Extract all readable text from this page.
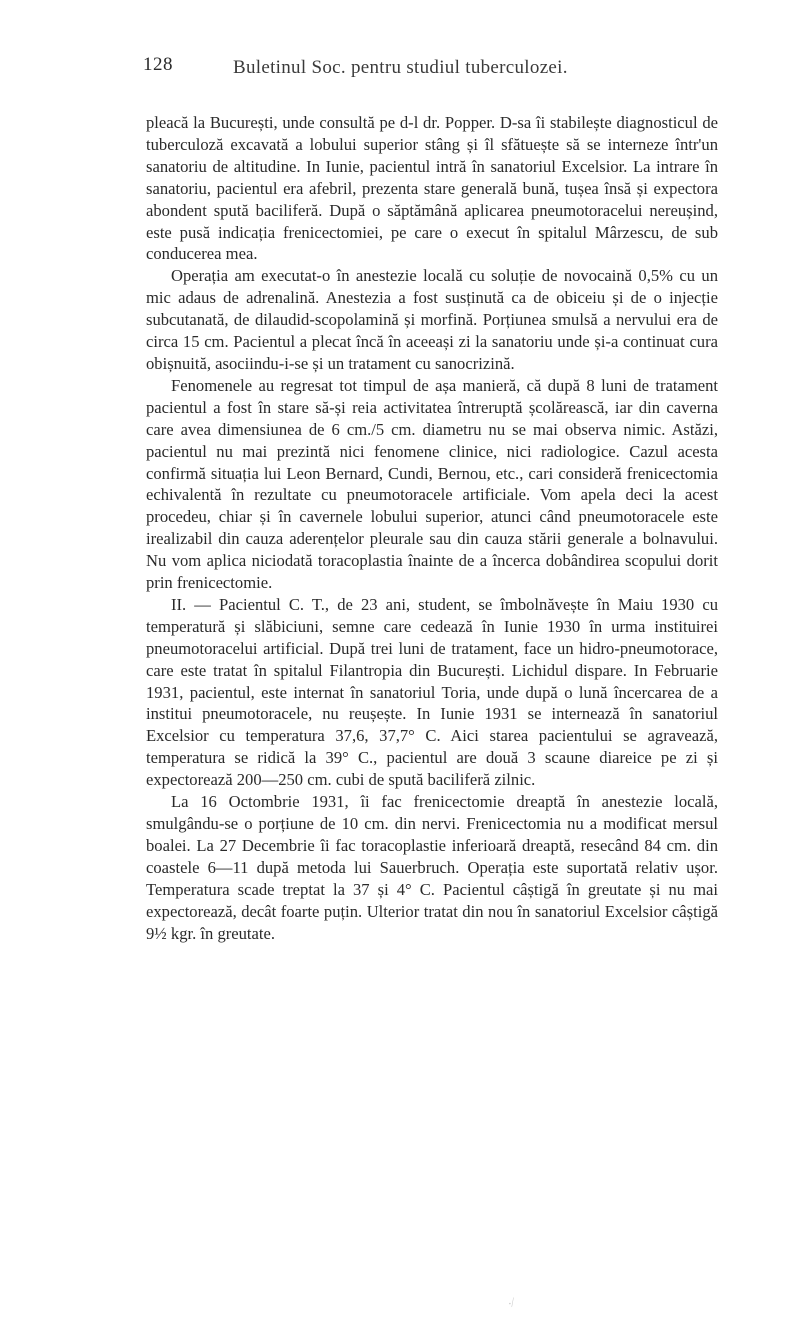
128	Buletinul Soc. pentru studiul tuberculozei.

pleacă la București, unde consultă pe d-l dr. Popper. D-sa îi stabilește diagnosticul de tuberculoză excavată a lobului superior stâng și îl sfătuește să se interneze într'un sanatoriu de altitudine. In Iunie, pacientul intră în sanatoriul Excelsior. La intrare în sanatoriu, pacientul era afebril, prezenta stare generală bună, tușea însă și expectora abondent spută baciliferă. După o săptămână aplicarea pneumotoracelui nereușind, este pusă indicația frenicectomiei, pe care o execut în spitalul Mârzescu, de sub conducerea mea.

Operația am executat-o în anestezie locală cu soluție de novocaină 0,5% cu un mic adaus de adrenalină. Anestezia a fost susținută ca de obiceiu și de o injecție subcutanată, de dilaudid-scopolamină și morfină. Porțiunea smulsă a nervului era de circa 15 cm. Pacientul a plecat încă în aceeași zi la sanatoriu unde și-a continuat cura obișnuită, asociindu-i-se și un tratament cu sanocrizină.

Fenomenele au regresat tot timpul de așa manieră, că după 8 luni de tratament pacientul a fost în stare să-și reia activitatea întreruptă școlărească, iar din caverna care avea dimensiunea de 6 cm./5 cm. diametru nu se mai observa nimic. Astăzi, pacientul nu mai prezintă nici fenomene clinice, nici radiologice. Cazul acesta confirmă situația lui Leon Bernard, Cundi, Bernou, etc., cari consideră frenicectomia echivalentă în rezultate cu pneumotoracele artificiale. Vom apela deci la acest procedeu, chiar și în cavernele lobului superior, atunci când pneumotoracele este irealizabil din cauza aderențelor pleurale sau din cauza stării generale a bolnavului. Nu vom aplica niciodată toracoplastia înainte de a încerca dobândirea scopului dorit prin frenicectomie.

II. — Pacientul C. T., de 23 ani, student, se îmbolnăvește în Maiu 1930 cu temperatură și slăbiciuni, semne care cedează în Iunie 1930 în urma instituirei pneumotoracelui artificial. După trei luni de tratament, face un hidro-pneumotorace, care este tratat în spitalul Filantropia din București. Lichidul dispare. In Februarie 1931, pacientul, este internat în sanatoriul Toria, unde după o lună încercarea de a institui pneumotoracele, nu reușește. In Iunie 1931 se internează în sanatoriul Excelsior cu temperatura 37,6, 37,7° C. Aici starea pacientului se agravează, temperatura se ridică la 39° C., pacientul are două 3 scaune diareice pe zi și expectorează 200—250 cm. cubi de spută baciliferă zilnic.

La 16 Octombrie 1931, îi fac frenicectomie dreaptă în anestezie locală, smulgându-se o porțiune de 10 cm. din nervi. Frenicectomia nu a modificat mersul boalei. La 27 Decembrie îi fac toracoplastie inferioară dreaptă, resecând 84 cm. din coastele 6—11 după metoda lui Sauerbruch. Operația este suportată relativ ușor. Temperatura scade treptat la 37 și 4° C. Pacientul câștigă în greutate și nu mai expectorează, decât foarte puțin. Ulterior tratat din nou în sanatoriul Excelsior câștigă 9½ kgr. în greutate.

·∕
